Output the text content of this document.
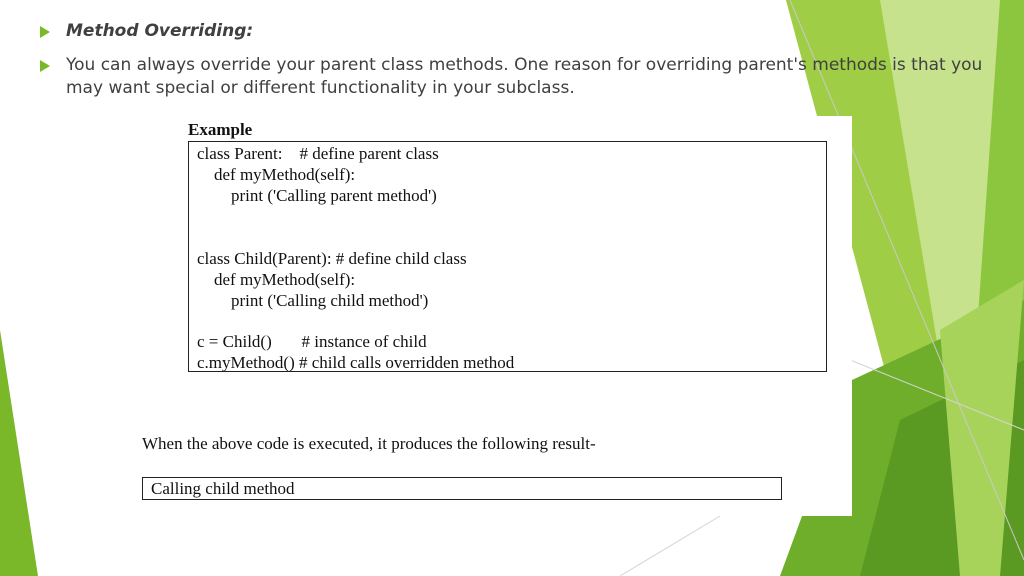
Method Overriding:
You can always override your parent class methods. One reason for overriding parent's methods is that you may want special or different functionality in your subclass.
Example
class Parent:    # define parent class
def myMethod(self):
print ('Calling parent method')
class Child(Parent): # define child class
def myMethod(self):
print ('Calling child method')
c = Child()       # instance of child
c.myMethod() # child calls overridden method
When the above code is executed, it produces the following result-
Calling child method
